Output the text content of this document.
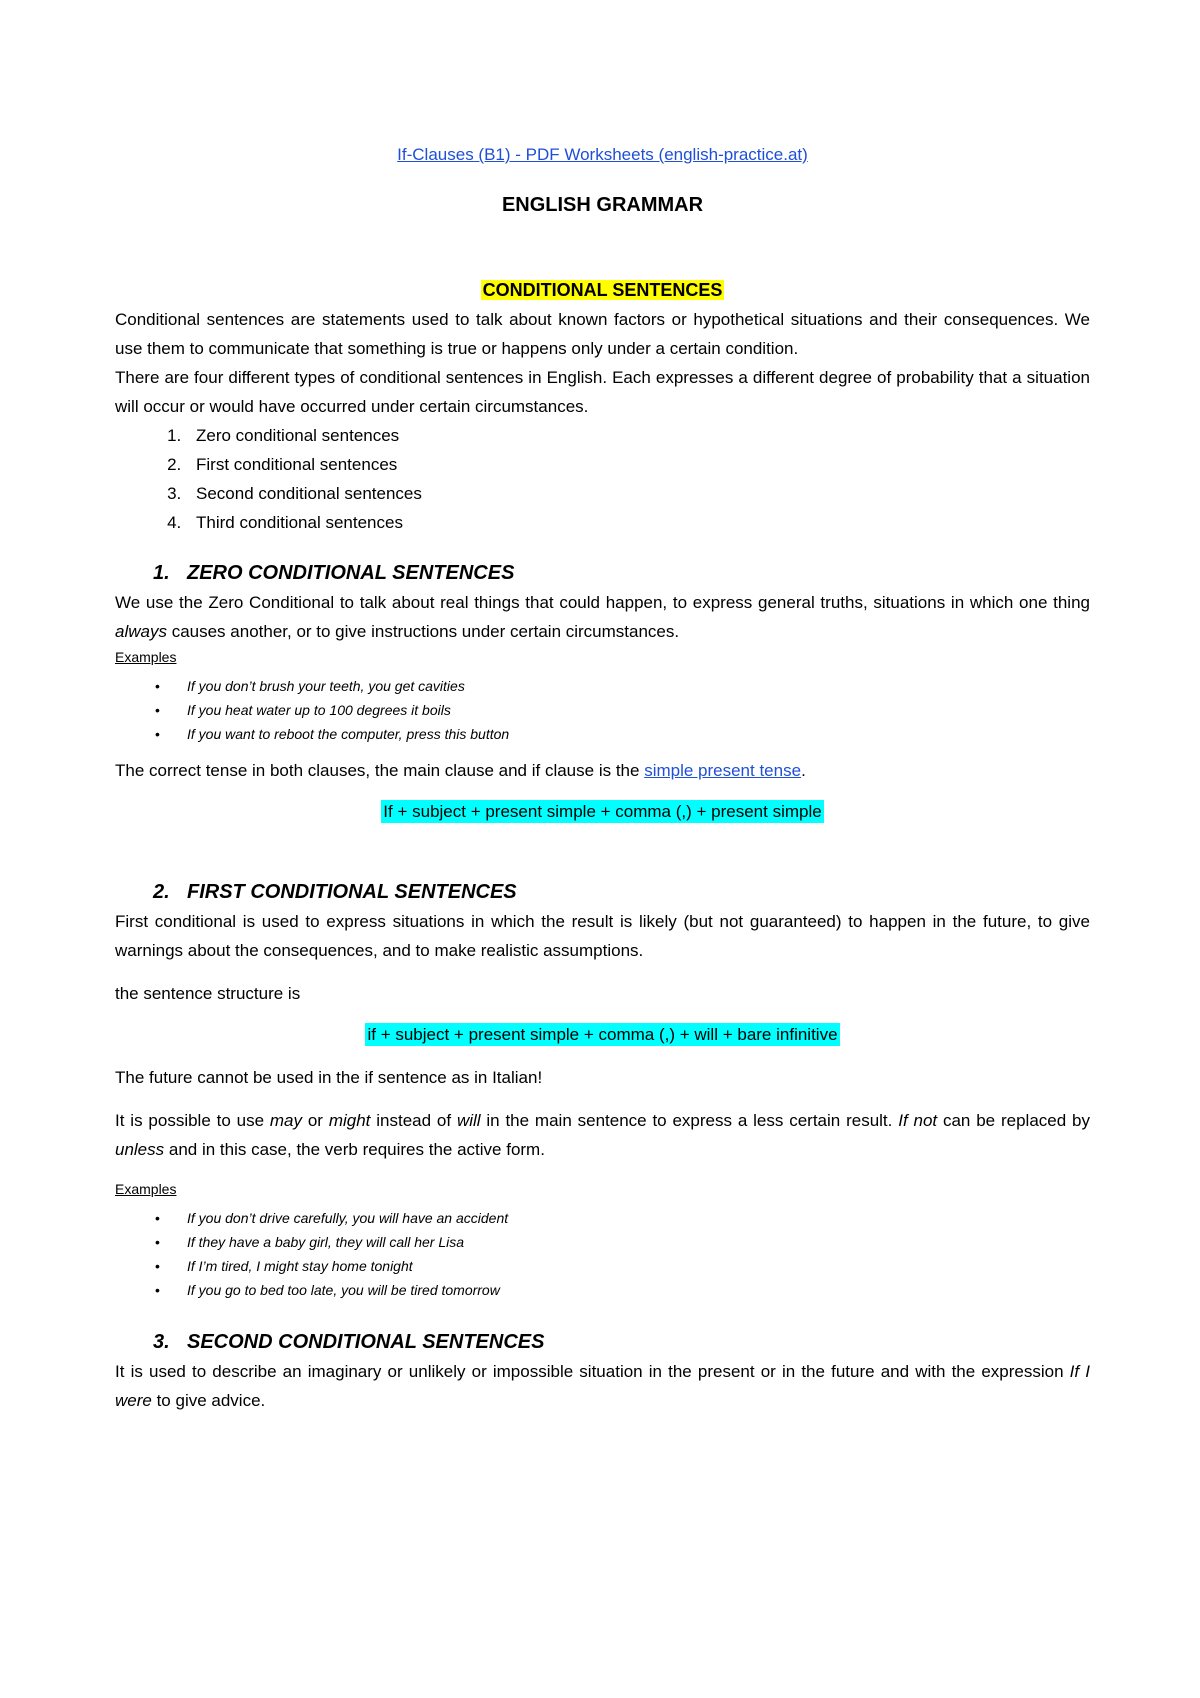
If-Clauses (B1) - PDF Worksheets (english-practice.at)
ENGLISH GRAMMAR
CONDITIONAL SENTENCES

Conditional sentences are statements used to talk about known factors or hypothetical situations and their consequences. We use them to communicate that something is true or happens only under a certain condition.

There are four different types of conditional sentences in English. Each expresses a different degree of probability that a situation will occur or would have occurred under certain circumstances.

1. Zero conditional sentences
2. First conditional sentences
3. Second conditional sentences
4. Third conditional sentences
1. ZERO CONDITIONAL SENTENCES

We use the Zero Conditional to talk about real things that could happen, to express general truths, situations in which one thing always causes another, or to give instructions under certain circumstances.

Examples
• If you don’t brush your teeth, you get cavities
• If you heat water up to 100 degrees it boils
• If you want to reboot the computer, press this button

The correct tense in both clauses, the main clause and if clause is the simple present tense.

If + subject + present simple + comma (,) + present simple
2. FIRST CONDITIONAL SENTENCES

First conditional is used to express situations in which the result is likely (but not guaranteed) to happen in the future, to give warnings about the consequences, and to make realistic assumptions.

the sentence structure is

if + subject + present simple + comma (,) + will + bare infinitive

The future cannot be used in the if sentence as in Italian!

It is possible to use may or might instead of will in the main sentence to express a less certain result. If not can be replaced by unless and in this case, the verb requires the active form.

Examples
• If you don’t drive carefully, you will have an accident
• If they have a baby girl, they will call her Lisa
• If I’m tired, I might stay home tonight
• If you go to bed too late, you will be tired tomorrow
3. SECOND CONDITIONAL SENTENCES

It is used to describe an imaginary or unlikely or impossible situation in the present or in the future and with the expression If I were to give advice.
